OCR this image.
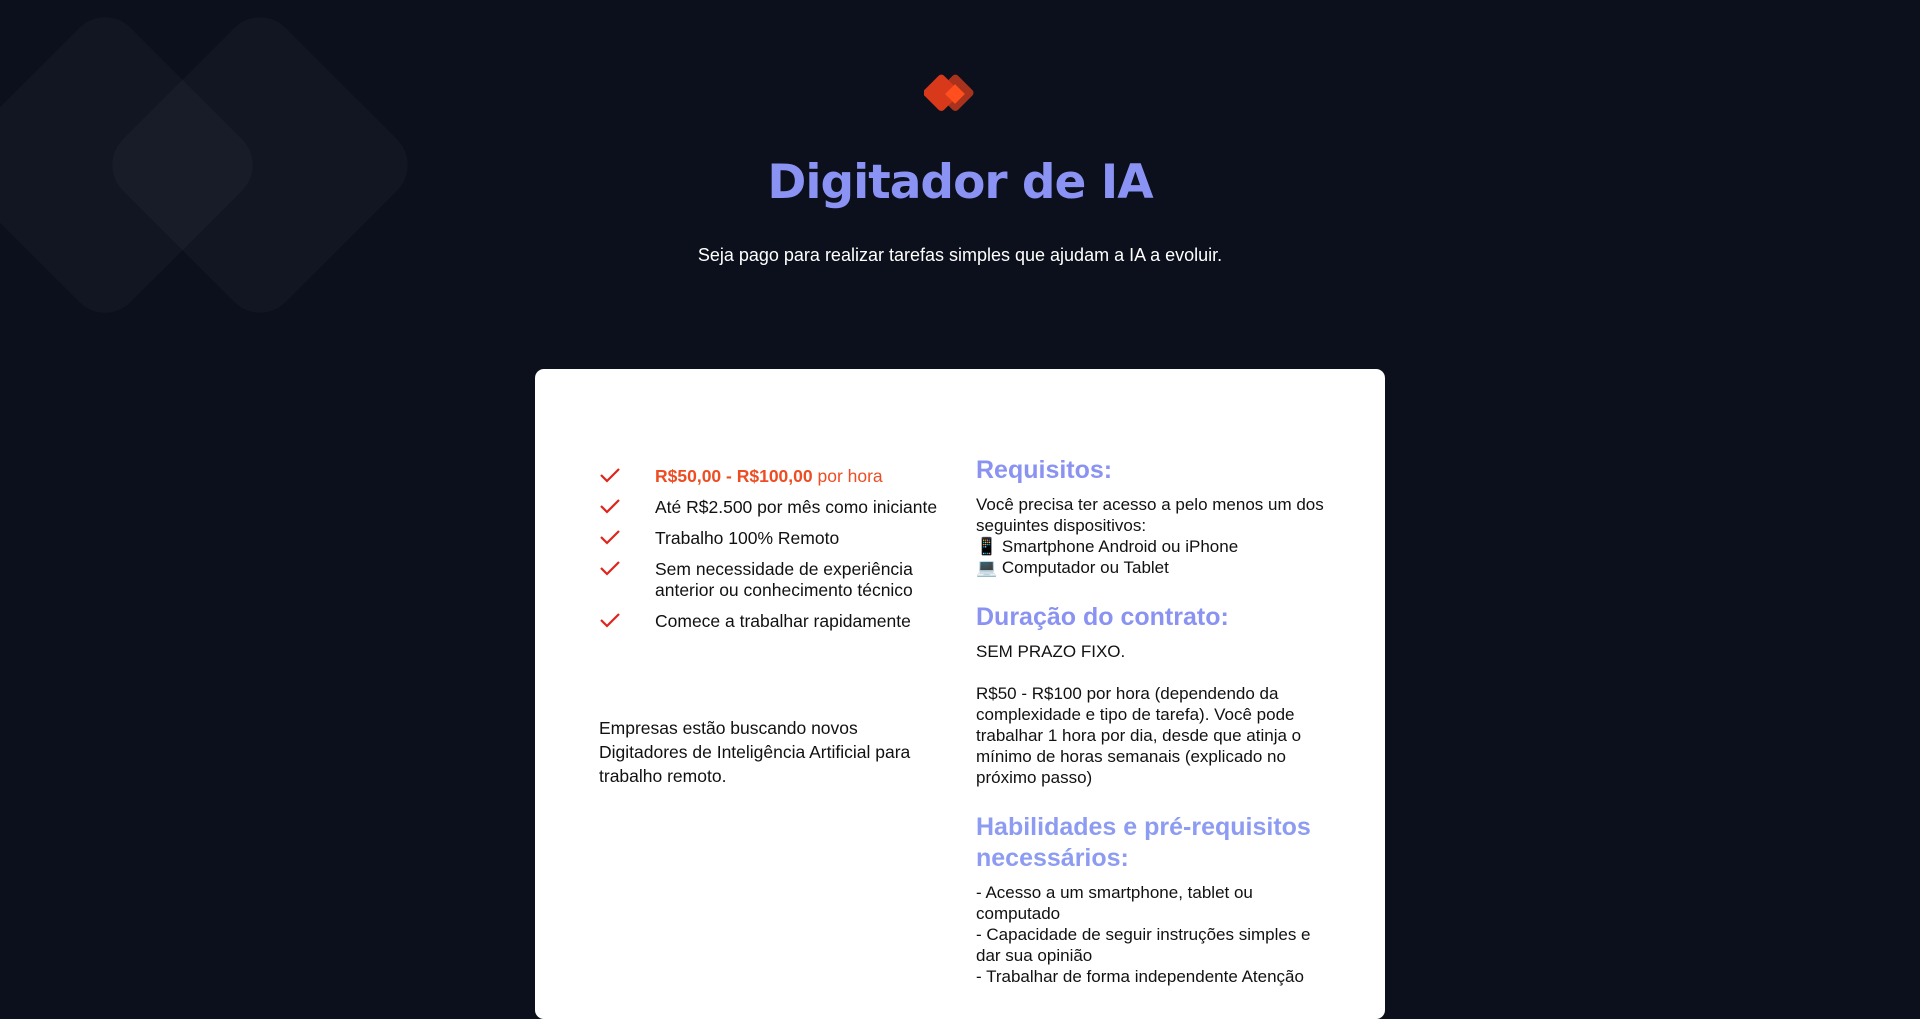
Digitador de IA
Seja pago para realizar tarefas simples que ajudam a IA a evoluir.
R$50,00 - R$100,00 por hora
Até R$2.500 por mês como iniciante
Trabalho 100% Remoto
Sem necessidade de experiência anterior ou conhecimento técnico
Comece a trabalhar rapidamente
Empresas estão buscando novos Digitadores de Inteligência Artificial para trabalho remoto.
Requisitos:
Você precisa ter acesso a pelo menos um dos seguintes dispositivos:
📱 Smartphone Android ou iPhone
💻 Computador ou Tablet
Duração do contrato:
SEM PRAZO FIXO.

R$50 - R$100 por hora (dependendo da complexidade e tipo de tarefa). Você pode trabalhar 1 hora por dia, desde que atinja o mínimo de horas semanais (explicado no próximo passo)
Habilidades e pré-requisitos necessários:
- Acesso a um smartphone, tablet ou computado
- Capacidade de seguir instruções simples e dar sua opinião
- Trabalhar de forma independente Atenção
